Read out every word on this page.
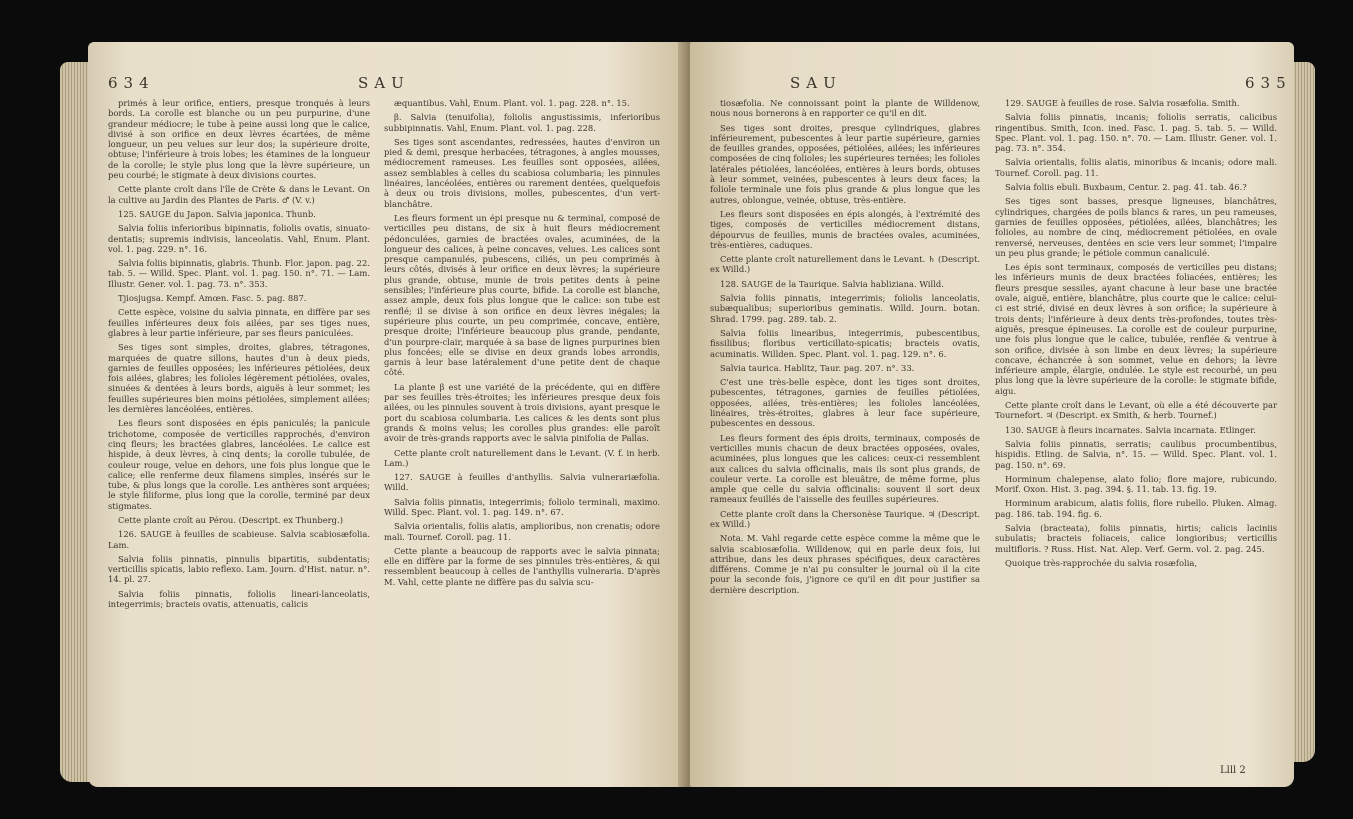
634	SAU

primés à leur orifice, entiers, presque tronqués à leurs bords. La corolle est blanche ou un peu purpurine, d'une grandeur médiocre; le tube à peine aussi long que le calice, divisé à son orifice en deux lèvres écartées, de même longueur, un peu velues sur leur dos; la supérieure droite, obtuse; l'inférieure à trois lobes; les étamines de la longueur de la corolle; le style plus long que la lèvre supérieure, un peu courbé; le stigmate à deux divisions courtes.

Cette plante croît dans l'île de Crète & dans le Levant. On la cultive au Jardin des Plantes de Paris. ♂ (V. v.)

125. SAUGE du Japon. Salvia japonica. Thunb.

Salvia foliis inferioribus bipinnatis, foliolis ovatis, sinuato-dentatis; supremis indivisis, lanceolatis. Vahl, Enum. Plant. vol. 1. pag. 229. n°. 16.

Salvia foliis bipinnatis, glabris. Thunb. Flor. japon. pag. 22. tab. 5. — Willd. Spec. Plant. vol. 1. pag. 150. n°. 71. — Lam. Illustr. Gener. vol. 1. pag. 73. n°. 353.

Tjiosjugsa. Kempf. Amœn. Fasc. 5. pag. 887.

Cette espèce, voisine du salvia pinnata, en diffère par ses feuilles inférieures deux fois ailées, par ses tiges nues, glabres à leur partie inférieure, par ses fleurs paniculées.

Ses tiges sont simples, droites, glabres, tétragones, marquées de quatre sillons, hautes d'un à deux pieds, garnies de feuilles opposées; les inférieures pétiolées, deux fois ailées, glabres; les folioles légèrement pétiolées, ovales, sinuées & dentées à leurs bords, aiguës à leur sommet; les feuilles supérieures bien moins pétiolées, simplement ailées; les dernières lancéolées, entières.

Les fleurs sont disposées en épis paniculés; la panicule trichotome, composée de verticilles rapprochés, d'environ cinq fleurs; les bractées glabres, lancéolées. Le calice est hispide, à deux lèvres, à cinq dents; la corolle tubulée, de couleur rouge, velue en dehors, une fois plus longue que le calice; elle renferme deux filamens simples, insérés sur le tube, & plus longs que la corolle. Les anthères sont arquées; le style filiforme, plus long que la corolle, terminé par deux stigmates.

Cette plante croît au Pérou. (Descript. ex Thunberg.)

126. SAUGE à feuilles de scabieuse. Salvia scabiosæfolia. Lam.

Salvia foliis pinnatis, pinnulis bipartitis, subdentatis; verticillis spicatis, labio reflexo. Lam. Journ. d'Hist. natur. n°. 14. pl. 27.

Salvia foliis pinnatis, foliolis lineari-lanceolatis, integerrimis; bracteis ovatis, attenuatis, calicis

æquantibus. Vahl, Enum. Plant. vol. 1. pag. 228. n°. 15.

β. Salvia (tenuifolia), foliolis angustissimis, inferioribus subbipinnatis. Vahl, Enum. Plant. vol. 1. pag. 228.

Ses tiges sont ascendantes, redressées, hautes d'environ un pied & demi, presque herbacées, tétragones, à angles mousses, médiocrement rameuses. Les feuilles sont opposées, ailées, assez semblables à celles du scabiosa columbaria; les pinnules linéaires, lancéolées, entières ou rarement dentées, quelquefois à deux ou trois divisions, molles, pubescentes, d'un vert-blanchâtre.

Les fleurs forment un épi presque nu & terminal, composé de verticilles peu distans, de six à huit fleurs médiocrement pédonculées, garnies de bractées ovales, acuminées, de la longueur des calices, à peine concaves, velues. Les calices sont presque campanulés, pubescens, ciliés, un peu comprimés à leurs côtés, divisés à leur orifice en deux lèvres; la supérieure plus grande, obtuse, munie de trois petites dents à peine sensibles; l'inférieure plus courte, bifide. La corolle est blanche, assez ample, deux fois plus longue que le calice: son tube est renflé; il se divise à son orifice en deux lèvres inégales; la supérieure plus courte, un peu comprimée, concave, entière, presque droite; l'inférieure beaucoup plus grande, pendante, d'un pourpre-clair, marquée à sa base de lignes purpurines bien plus foncées; elle se divise en deux grands lobes arrondis, garnis à leur base latéralement d'une petite dent de chaque côté.

La plante β est une variété de la précédente, qui en diffère par ses feuilles très-étroites; les inférieures presque deux fois ailées, ou les pinnules souvent à trois divisions, ayant presque le port du scabiosa columbaria. Les calices & les dents sont plus grands & moins velus; les corolles plus grandes: elle paroît avoir de très-grands rapports avec le salvia pinifolia de Pallas.

Cette plante croît naturellement dans le Levant. (V. f. in herb. Lam.)

127. SAUGE à feuilles d'anthyllis. Salvia vulnerariæfolia. Willd.

Salvia foliis pinnatis, integerrimis; foliolo terminali, maximo. Willd. Spec. Plant. vol. 1. pag. 149. n°. 67.

Salvia orientalis, foliis alatis, amplioribus, non crenatis; odore mali. Tournef. Coroll. pag. 11.

Cette plante a beaucoup de rapports avec le salvia pinnata; elle en diffère par la forme de ses pinnules très-entières, & qui ressemblent beaucoup à celles de l'anthyllis vulneraria. D'après M. Vahl, cette plante ne diffère pas du salvia scu-

SAU	635

tiosæfolia. Ne connoissant point la plante de Willdenow, nous nous bornerons à en rapporter ce qu'il en dit.

Ses tiges sont droites, presque cylindriques, glabres inférieurement, pubescentes à leur partie supérieure, garnies de feuilles grandes, opposées, pétiolées, ailées; les inférieures composées de cinq folioles; les supérieures ternées; les folioles latérales pétiolées, lancéolées, entières à leurs bords, obtuses à leur sommet, veinées, pubescentes à leurs deux faces; la foliole terminale une fois plus grande & plus longue que les autres, oblongue, veinée, obtuse, très-entière.

Les fleurs sont disposées en épis alongés, à l'extrémité des tiges, composés de verticilles médiocrement distans, dépourvus de feuilles, munis de bractées ovales, acuminées, très-entières, caduques.

Cette plante croît naturellement dans le Levant. ♄ (Descript. ex Willd.)

128. SAUGE de la Taurique. Salvia habliziana. Willd.

Salvia foliis pinnatis, integerrimis; foliolis lanceolatis, subæqualibus; superioribus geminatis. Willd. Journ. botan. Shrad. 1799. pag. 289. tab. 2.

Salvia foliis linearibus, integerrimis, pubescentibus, fissilibus; floribus verticillato-spicatis; bracteis ovatis, acuminatis. Willden. Spec. Plant. vol. 1. pag. 129. n°. 6.

Salvia taurica. Hablitz, Taur. pag. 207. n°. 33.

C'est une très-belle espèce, dont les tiges sont droites, pubescentes, tétragones, garnies de feuilles pétiolées, opposées, ailées, très-entières; les folioles lancéolées, linéaires, très-étroites, glabres à leur face supérieure, pubescentes en dessous.

Les fleurs forment des épis droits, terminaux, composés de verticilles munis chacun de deux bractées opposées, ovales, acuminées, plus longues que les calices: ceux-ci ressemblent aux calices du salvia officinalis, mais ils sont plus grands, de couleur verte. La corolle est bleuâtre, de même forme, plus ample que celle du salvia officinalis: souvent il sort deux rameaux feuillés de l'aisselle des feuilles supérieures.

Cette plante croît dans la Chersonèse Taurique. ♃ (Descript. ex Willd.)

Nota. M. Vahl regarde cette espèce comme la même que le salvia scabiosæfolia. Willdenow, qui en parle deux fois, lui attribue, dans les deux phrases spécifiques, deux caractères différens. Comme je n'ai pu consulter le journal où il la cite pour la seconde fois, j'ignore ce qu'il en dit pour justifier sa dernière description.

129. SAUGE à feuilles de rose. Salvia rosæfolia. Smith.

Salvia foliis pinnatis, incanis; foliolis serratis, calicibus ringentibus. Smith, Icon. ined. Fasc. 1. pag. 5. tab. 5. — Willd. Spec. Plant. vol. 1. pag. 150. n°. 70. — Lam. Illustr. Gener. vol. 1. pag. 73. n°. 354.

Salvia orientalis, foliis alatis, minoribus & incanis; odore mali. Tournef. Coroll. pag. 11.

Salvia foliis ebuli. Buxbaum, Centur. 2. pag. 41. tab. 46.?

Ses tiges sont basses, presque ligneuses, blanchâtres, cylindriques, chargées de poils blancs & rares, un peu rameuses, garnies de feuilles opposées, pétiolées, ailées, blanchâtres; les folioles, au nombre de cinq, médiocrement pétiolées, en ovale renversé, nerveuses, dentées en scie vers leur sommet; l'impaire un peu plus grande; le pétiole commun canaliculé.

Les épis sont terminaux, composés de verticilles peu distans; les inférieurs munis de deux bractées foliacées, entières; les fleurs presque sessiles, ayant chacune à leur base une bractée ovale, aiguë, entière, blanchâtre, plus courte que le calice: celui-ci est strié, divisé en deux lèvres à son orifice; la supérieure à trois dents; l'inférieure à deux dents très-profondes, toutes très-aiguës, presque épineuses. La corolle est de couleur purpurine, une fois plus longue que le calice, tubulée, renflée & ventrue à son orifice, divisée à son limbe en deux lèvres; la supérieure concave, échancrée à son sommet, velue en dehors; la lèvre inférieure ample, élargie, ondulée. Le style est recourbé, un peu plus long que la lèvre supérieure de la corolle: le stigmate bifide, aigu.

Cette plante croît dans le Levant, où elle a été découverte par Tournefort. ♃ (Descript. ex Smith, & herb. Tournef.)

130. SAUGE à fleurs incarnates. Salvia incarnata. Etlinger.

Salvia foliis pinnatis, serratis; caulibus procumbentibus, hispidis. Etling. de Salvia, n°. 15. — Willd. Spec. Plant. vol. 1. pag. 150. n°. 69.

Horminum chalepense, alato folio; flore majore, rubicundo. Morif. Oxon. Hist. 3. pag. 394. §. 11. tab. 13. fig. 19.

Horminum arabicum, alatis foliis, flore rubello. Pluken. Almag. pag. 186. tab. 194. fig. 6.

Salvia (bracteata), foliis pinnatis, hirtis; calicis laciniis subulatis; bracteis foliaceis, calice longioribus; verticillis multifloris. ? Russ. Hist. Nat. Alep. Verf. Germ. vol. 2. pag. 245.

Quoique très-rapprochée du salvia rosæfolia,

Llll 2
